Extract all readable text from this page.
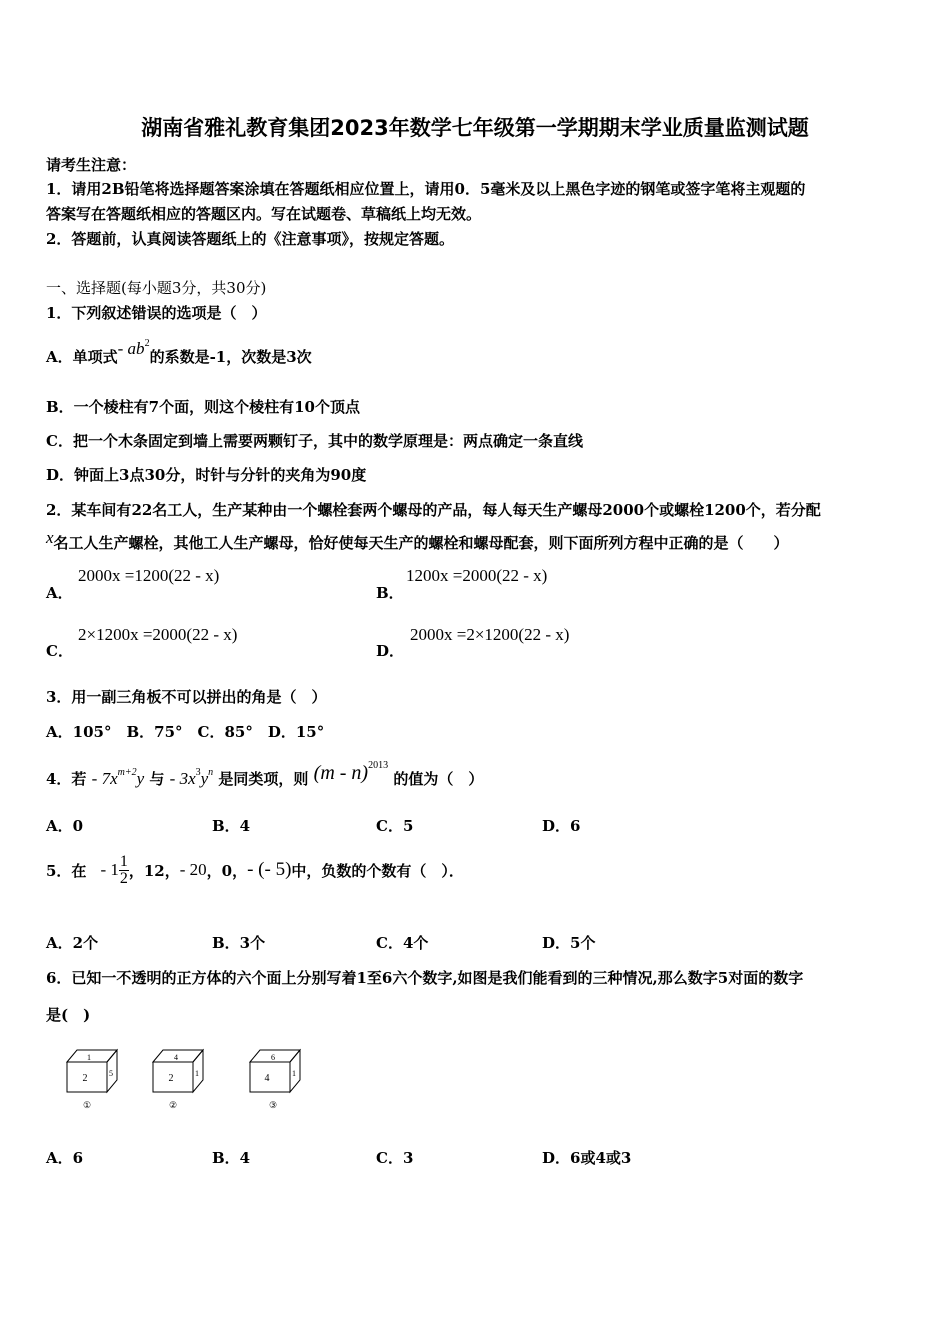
湖南省雅礼教育集团2023年数学七年级第一学期期末学业质量监测试题
请考生注意：
1．请用2B铅笔将选择题答案涂填在答题纸相应位置上，请用0．5毫米及以上黑色字迹的钢笔或签字笔将主观题的
答案写在答题纸相应的答题区内。写在试题卷、草稿纸上均无效。
2．答题前，认真阅读答题纸上的《注意事项》，按规定答题。
一、选择题(每小题3分，共30分)
1．下列叙述错误的选项是（　）
A．单项式- $ab^2$的系数是-1，次数是3次
B．一个棱柱有7个面，则这个棱柱有10个顶点
C．把一个木条固定到墙上需要两颗钉子，其中的数学原理是：两点确定一条直线
D．钟面上3点30分，时针与分针的夹角为90度
2．某车间有22名工人，生产某种由一个螺栓套两个螺母的产品，每人每天生产螺母2000个或螺栓1200个，若分配
x名工人生产螺栓，其他工人生产螺母，恰好使每天生产的螺栓和螺母配套，则下面所列方程中正确的是（　　）
A．
2000x =1200(22 - x)
B．
1200x =2000(22 - x)
C．
2×1200x =2000(22 - x)
D．
2000x =2×1200(22 - x)
3．用一副三角板不可以拼出的角是（　）
A．105°　B．75°　C．85°　D．15°
4．若 - $7x^{m+2}y$ 与 - $3x^3y^n$ 是同类项，则 (m - n)$^{2013}$ 的值为（　）
A．0	B．4	C．5	D．6
5．在 - $1 \frac{1}{2}$ ，12， - 20 ，0， - (- 5) 中，负数的个数有（　）．
A．2个	B．3个	C．4个	D．5个
6．已知一不透明的正方体的六个面上分别写着1至6六个数字,如图是我们能看到的三种情况,那么数字5对面的数字
是(　)
1
2	5
①
4
2	1
②
6
4	1
③
A．6	B．4	C．3	D．6或4或3
